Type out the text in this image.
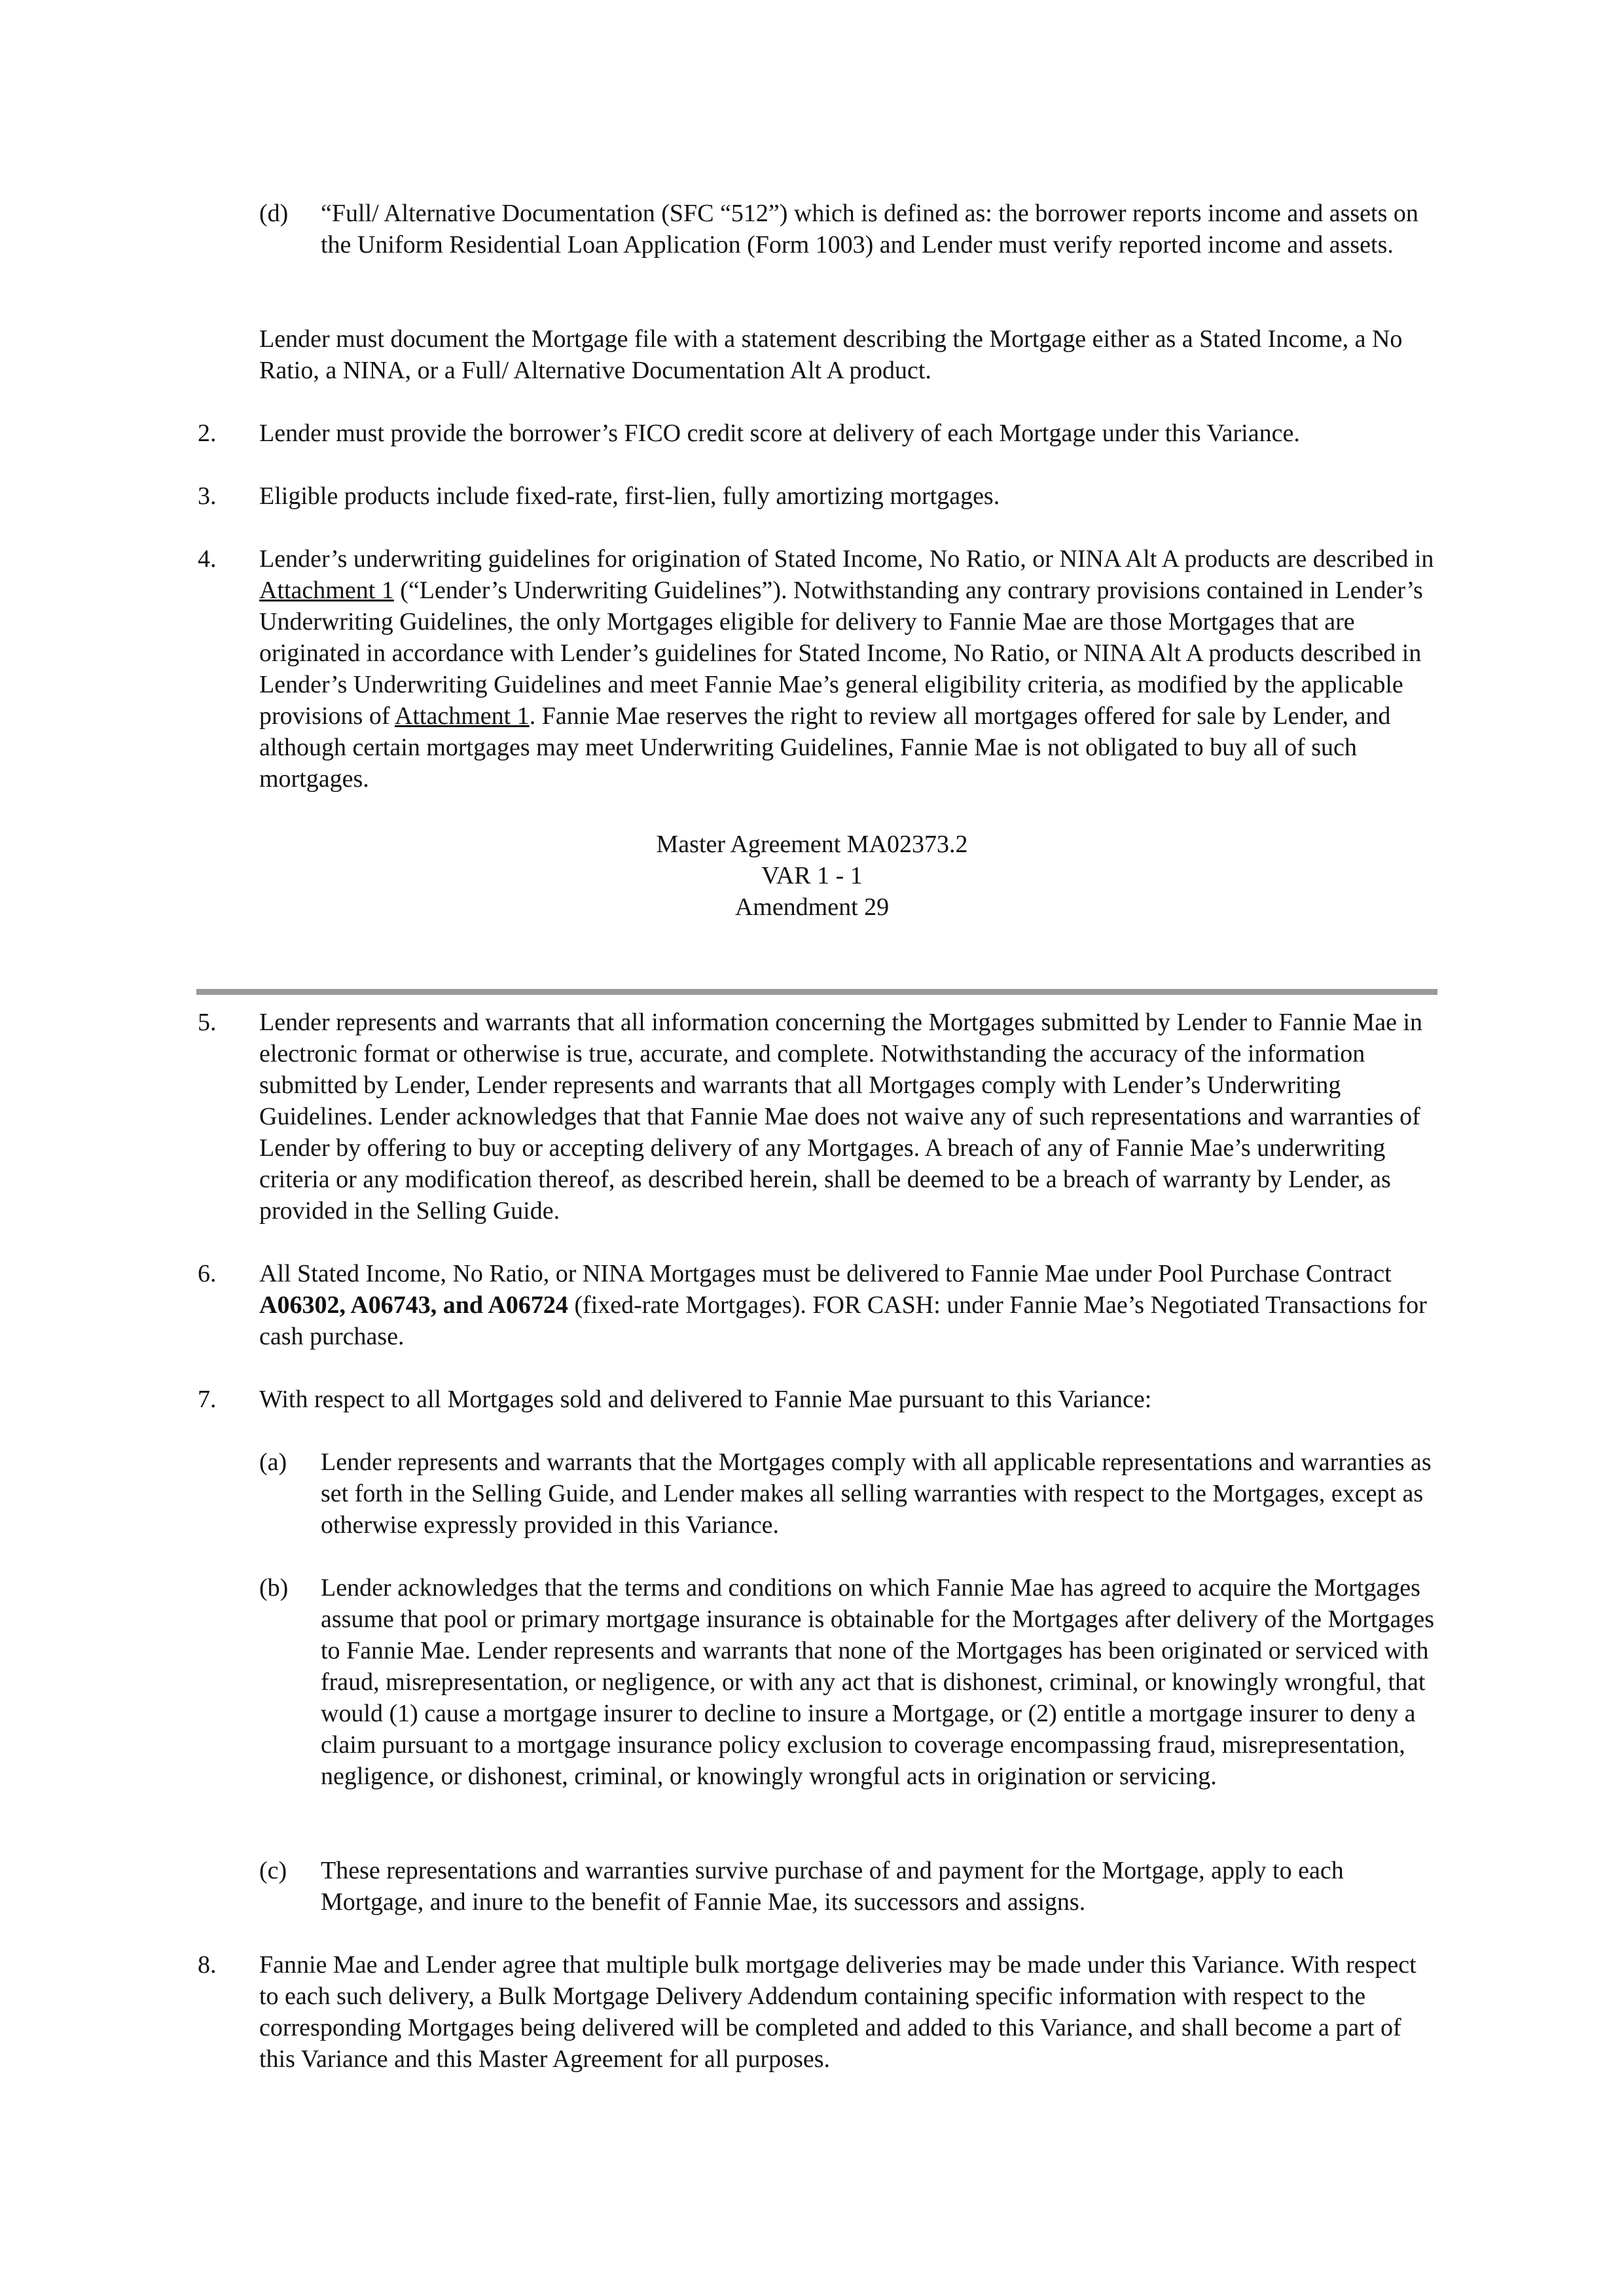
(d) “Full/ Alternative Documentation (SFC “512”) which is defined as: the borrower reports income and assets on the Uniform Residential Loan Application (Form 1003) and Lender must verify reported income and assets.

Lender must document the Mortgage file with a statement describing the Mortgage either as a Stated Income, a No Ratio, a NINA, or a Full/ Alternative Documentation Alt A product.

2. Lender must provide the borrower’s FICO credit score at delivery of each Mortgage under this Variance.

3. Eligible products include fixed-rate, first-lien, fully amortizing mortgages.

4. Lender’s underwriting guidelines for origination of Stated Income, No Ratio, or NINA Alt A products are described in Attachment 1 (“Lender’s Underwriting Guidelines”). Notwithstanding any contrary provisions contained in Lender’s Underwriting Guidelines, the only Mortgages eligible for delivery to Fannie Mae are those Mortgages that are originated in accordance with Lender’s guidelines for Stated Income, No Ratio, or NINA Alt A products described in Lender’s Underwriting Guidelines and meet Fannie Mae’s general eligibility criteria, as modified by the applicable provisions of Attachment 1. Fannie Mae reserves the right to review all mortgages offered for sale by Lender, and although certain mortgages may meet Underwriting Guidelines, Fannie Mae is not obligated to buy all of such mortgages.

Master Agreement MA02373.2
VAR 1 - 1
Amendment 29
5. Lender represents and warrants that all information concerning the Mortgages submitted by Lender to Fannie Mae in electronic format or otherwise is true, accurate, and complete. Notwithstanding the accuracy of the information submitted by Lender, Lender represents and warrants that all Mortgages comply with Lender’s Underwriting Guidelines. Lender acknowledges that that Fannie Mae does not waive any of such representations and warranties of Lender by offering to buy or accepting delivery of any Mortgages. A breach of any of Fannie Mae’s underwriting criteria or any modification thereof, as described herein, shall be deemed to be a breach of warranty by Lender, as provided in the Selling Guide.

6. All Stated Income, No Ratio, or NINA Mortgages must be delivered to Fannie Mae under Pool Purchase Contract A06302, A06743, and A06724 (fixed-rate Mortgages). FOR CASH: under Fannie Mae’s Negotiated Transactions for cash purchase.

7. With respect to all Mortgages sold and delivered to Fannie Mae pursuant to this Variance:

(a) Lender represents and warrants that the Mortgages comply with all applicable representations and warranties as set forth in the Selling Guide, and Lender makes all selling warranties with respect to the Mortgages, except as otherwise expressly provided in this Variance.

(b) Lender acknowledges that the terms and conditions on which Fannie Mae has agreed to acquire the Mortgages assume that pool or primary mortgage insurance is obtainable for the Mortgages after delivery of the Mortgages to Fannie Mae. Lender represents and warrants that none of the Mortgages has been originated or serviced with fraud, misrepresentation, or negligence, or with any act that is dishonest, criminal, or knowingly wrongful, that would (1) cause a mortgage insurer to decline to insure a Mortgage, or (2) entitle a mortgage insurer to deny a claim pursuant to a mortgage insurance policy exclusion to coverage encompassing fraud, misrepresentation, negligence, or dishonest, criminal, or knowingly wrongful acts in origination or servicing.

(c) These representations and warranties survive purchase of and payment for the Mortgage, apply to each Mortgage, and inure to the benefit of Fannie Mae, its successors and assigns.

8. Fannie Mae and Lender agree that multiple bulk mortgage deliveries may be made under this Variance. With respect to each such delivery, a Bulk Mortgage Delivery Addendum containing specific information with respect to the corresponding Mortgages being delivered will be completed and added to this Variance, and shall become a part of this Variance and this Master Agreement for all purposes.
